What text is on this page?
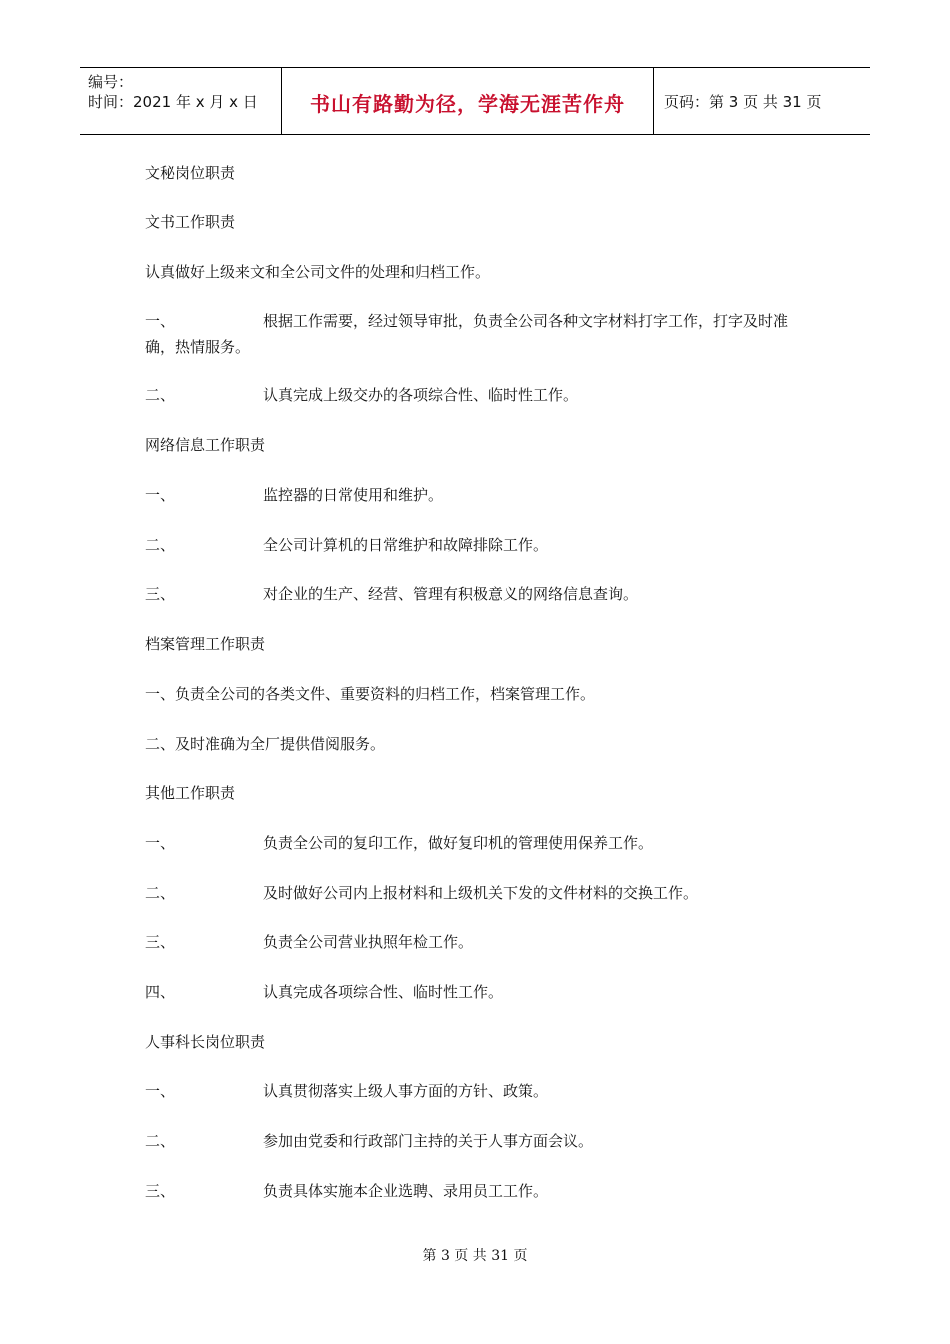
编号：
时间：2021 年 x 月 x 日	书山有路勤为径，学海无涯苦作舟	页码：第 3 页 共 31 页
文秘岗位职责
文书工作职责
认真做好上级来文和全公司文件的处理和归档工作。
一、	根据工作需要，经过领导审批，负责全公司各种文字材料打字工作，打字及时准确，热情服务。
二、	认真完成上级交办的各项综合性、临时性工作。
网络信息工作职责
一、	监控器的日常使用和维护。
二、	全公司计算机的日常维护和故障排除工作。
三、	对企业的生产、经营、管理有积极意义的网络信息查询。
档案管理工作职责
一、负责全公司的各类文件、重要资料的归档工作，档案管理工作。
二、及时准确为全厂提供借阅服务。
其他工作职责
一、	负责全公司的复印工作，做好复印机的管理使用保养工作。
二、	及时做好公司内上报材料和上级机关下发的文件材料的交换工作。
三、	负责全公司营业执照年检工作。
四、	认真完成各项综合性、临时性工作。
人事科长岗位职责
一、	认真贯彻落实上级人事方面的方针、政策。
二、	参加由党委和行政部门主持的关于人事方面会议。
三、	负责具体实施本企业选聘、录用员工工作。
第 3 页 共 31 页
